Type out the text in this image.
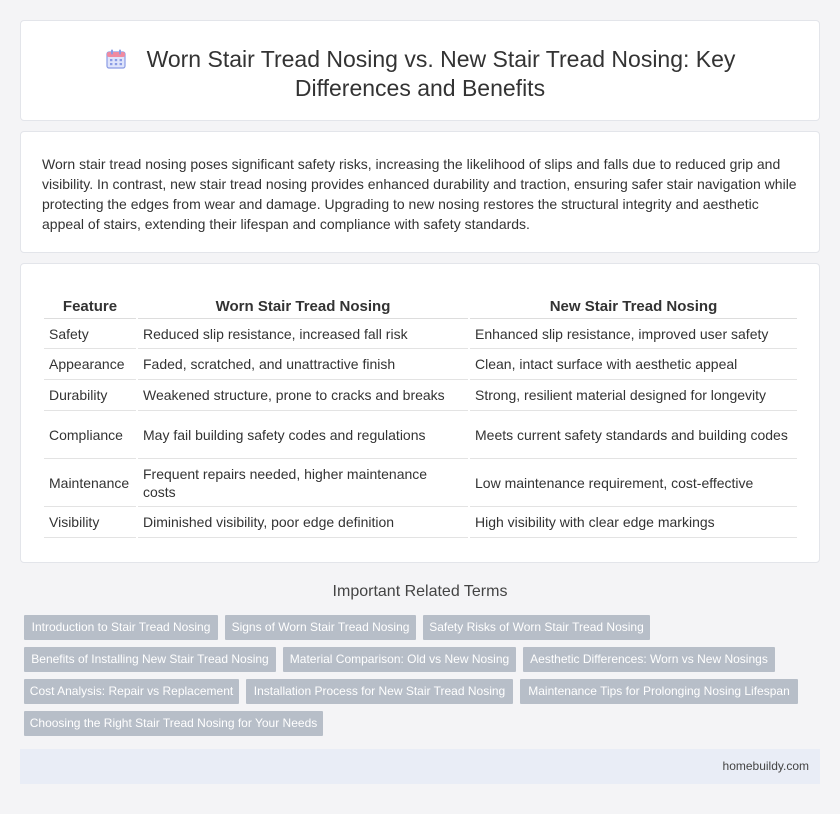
Worn Stair Tread Nosing vs. New Stair Tread Nosing: Key
Differences and Benefits

Worn stair tread nosing poses significant safety risks, increasing the likelihood of slips and falls due to reduced grip and visibility. In contrast, new stair tread nosing provides enhanced durability and traction, ensuring safer stair navigation while protecting the edges from wear and damage. Upgrading to new nosing restores the structural integrity and aesthetic appeal of stairs, extending their lifespan and compliance with safety standards.

Feature	Worn Stair Tread Nosing	New Stair Tread Nosing
Safety	Reduced slip resistance, increased fall risk	Enhanced slip resistance, improved user safety
Appearance	Faded, scratched, and unattractive finish	Clean, intact surface with aesthetic appeal
Durability	Weakened structure, prone to cracks and breaks	Strong, resilient material designed for longevity
Compliance	May fail building safety codes and regulations	Meets current safety standards and building codes
Maintenance	Frequent repairs needed, higher maintenance costs	Low maintenance requirement, cost-effective
Visibility	Diminished visibility, poor edge definition	High visibility with clear edge markings
Important Related Terms
Introduction to Stair Tread Nosing	Signs of Worn Stair Tread Nosing	Safety Risks of Worn Stair Tread Nosing
Benefits of Installing New Stair Tread Nosing	Material Comparison: Old vs New Nosing	Aesthetic Differences: Worn vs New Nosings
Cost Analysis: Repair vs Replacement	Installation Process for New Stair Tread Nosing	Maintenance Tips for Prolonging Nosing Lifespan
Choosing the Right Stair Tread Nosing for Your Needs
homebuildy.com
